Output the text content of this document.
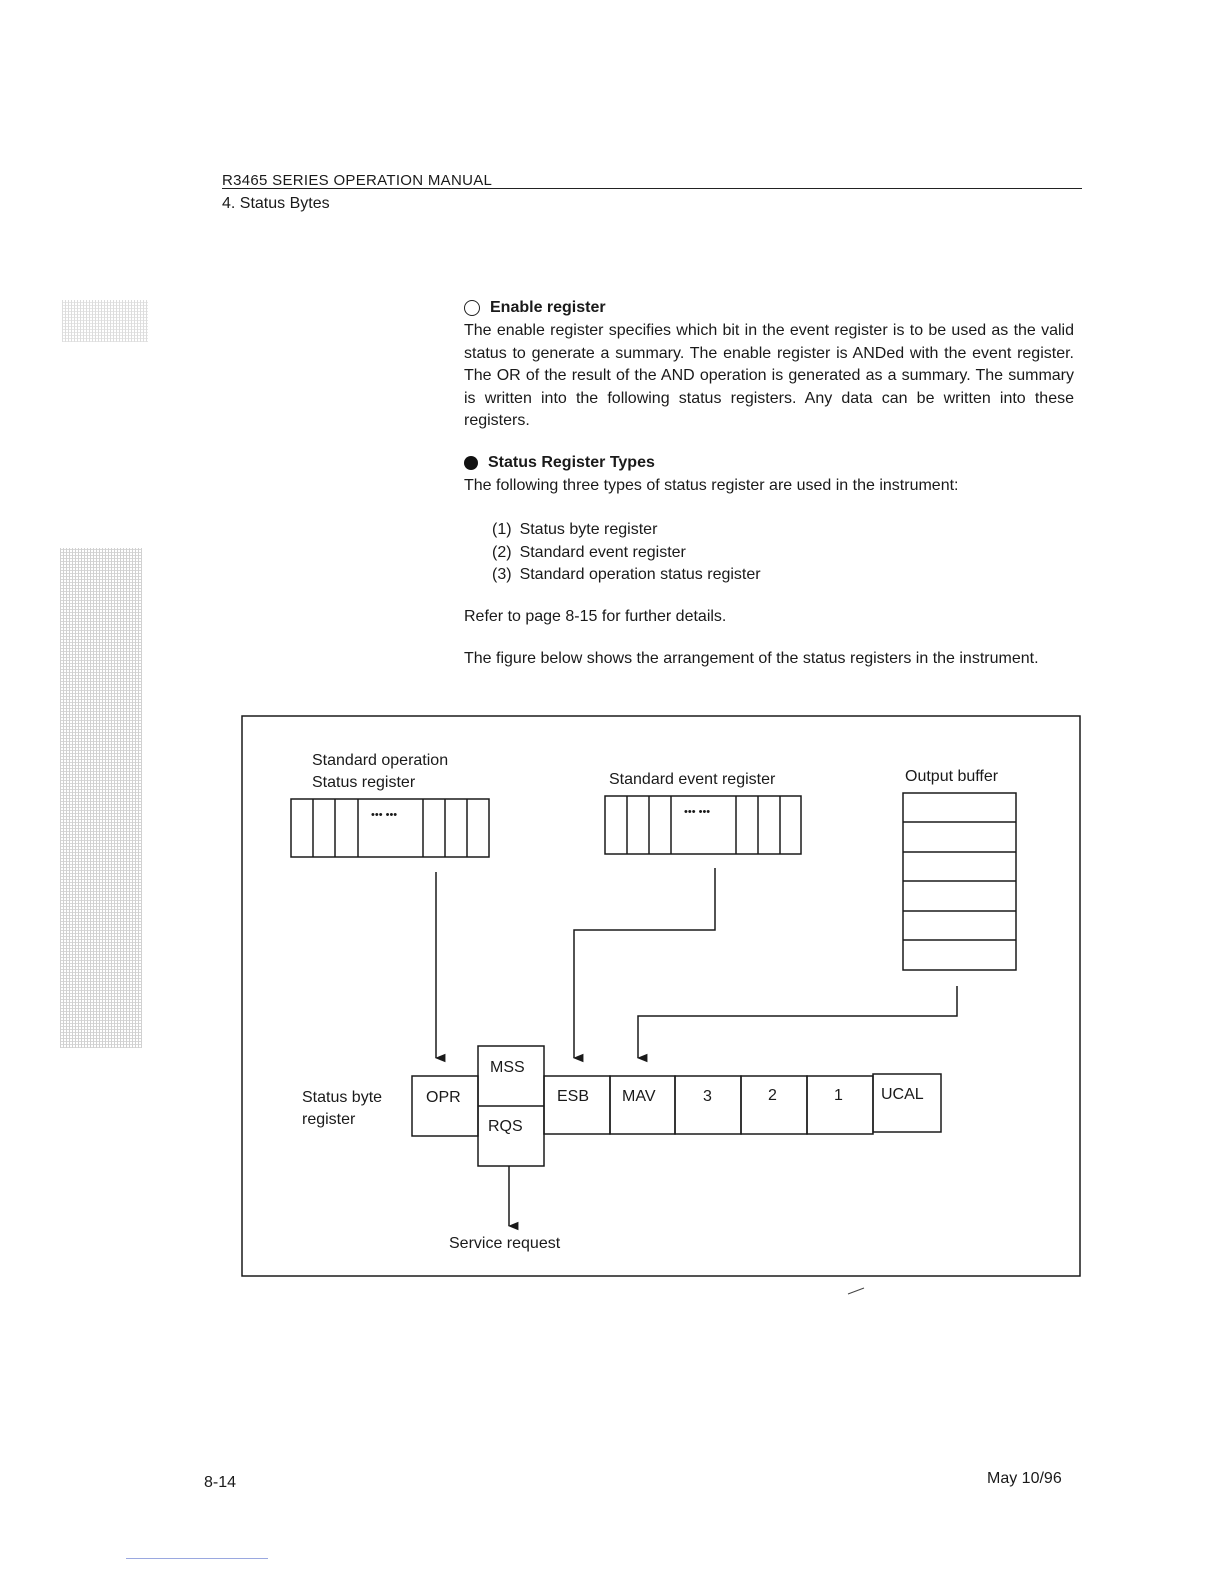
R3465 SERIES OPERATION MANUAL
4. Status Bytes
Enable register
The enable register specifies which bit in the event register is to be used as the valid status to generate a summary. The enable register is ANDed with the event register. The OR of the result of the AND operation is generated as a summary. The summary is written into the following status registers. Any data can be written into these registers.
Status Register Types
The following three types of status register are used in the instrument:
(1) Status byte register
(2) Standard event register
(3) Standard operation status register
Refer to page 8-15 for further details.
The figure below shows the arrangement of the status registers in the instrument.
Standard operation
Status register
••• •••
Standard event register
••• •••
Output buffer
Status byte
register
OPR
MSS
RQS
ESB MAV	3	2	1 UCAL
Service request
8-14	May 10/96
